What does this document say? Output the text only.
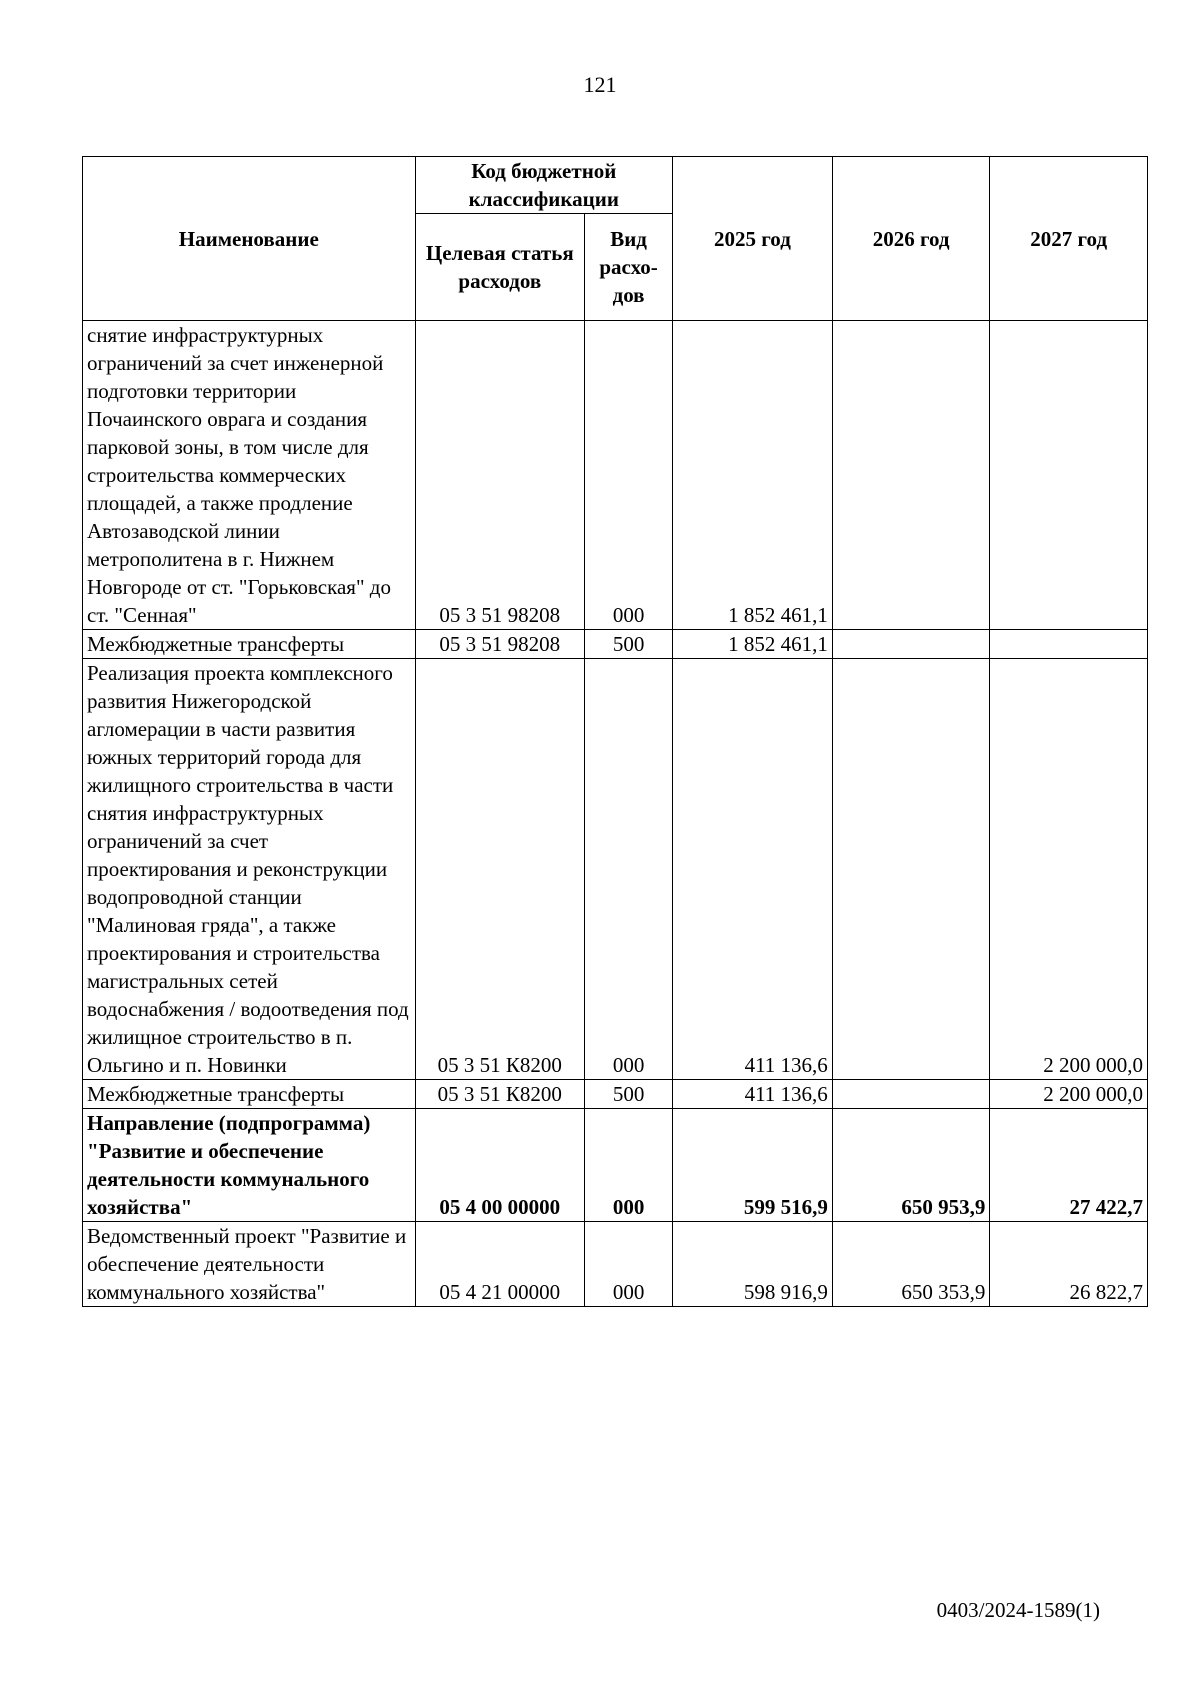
121
Наименование	Код бюджетной классификации		2025 год	2026 год	2027 год
	Целевая статья расходов	Вид расхо-дов			
снятие инфраструктурных ограничений за счет инженерной подготовки территории Почаинского оврага и создания парковой зоны, в том числе для строительства коммерческих площадей, а также продление Автозаводской линии метрополитена в г. Нижнем Новгороде от ст. "Горьковская" до ст. "Сенная"	05 3 51 98208	000	1 852 461,1		
Межбюджетные трансферты	05 3 51 98208	500	1 852 461,1		
Реализация проекта комплексного развития Нижегородской агломерации в части развития южных территорий города для жилищного строительства в части снятия инфраструктурных ограничений за счет проектирования и реконструкции водопроводной станции "Малиновая гряда", а также проектирования и строительства магистральных сетей водоснабжения / водоотведения под жилищное строительство в п. Ольгино и п. Новинки	05 3 51 К8200	000	411 136,6		2 200 000,0
Межбюджетные трансферты	05 3 51 К8200	500	411 136,6		2 200 000,0
Направление (подпрограмма) "Развитие и обеспечение деятельности коммунального хозяйства"	05 4 00 00000	000	599 516,9	650 953,9	27 422,7
Ведомственный проект "Развитие и обеспечение деятельности коммунального хозяйства"	05 4 21 00000	000	598 916,9	650 353,9	26 822,7
0403/2024-1589(1)
